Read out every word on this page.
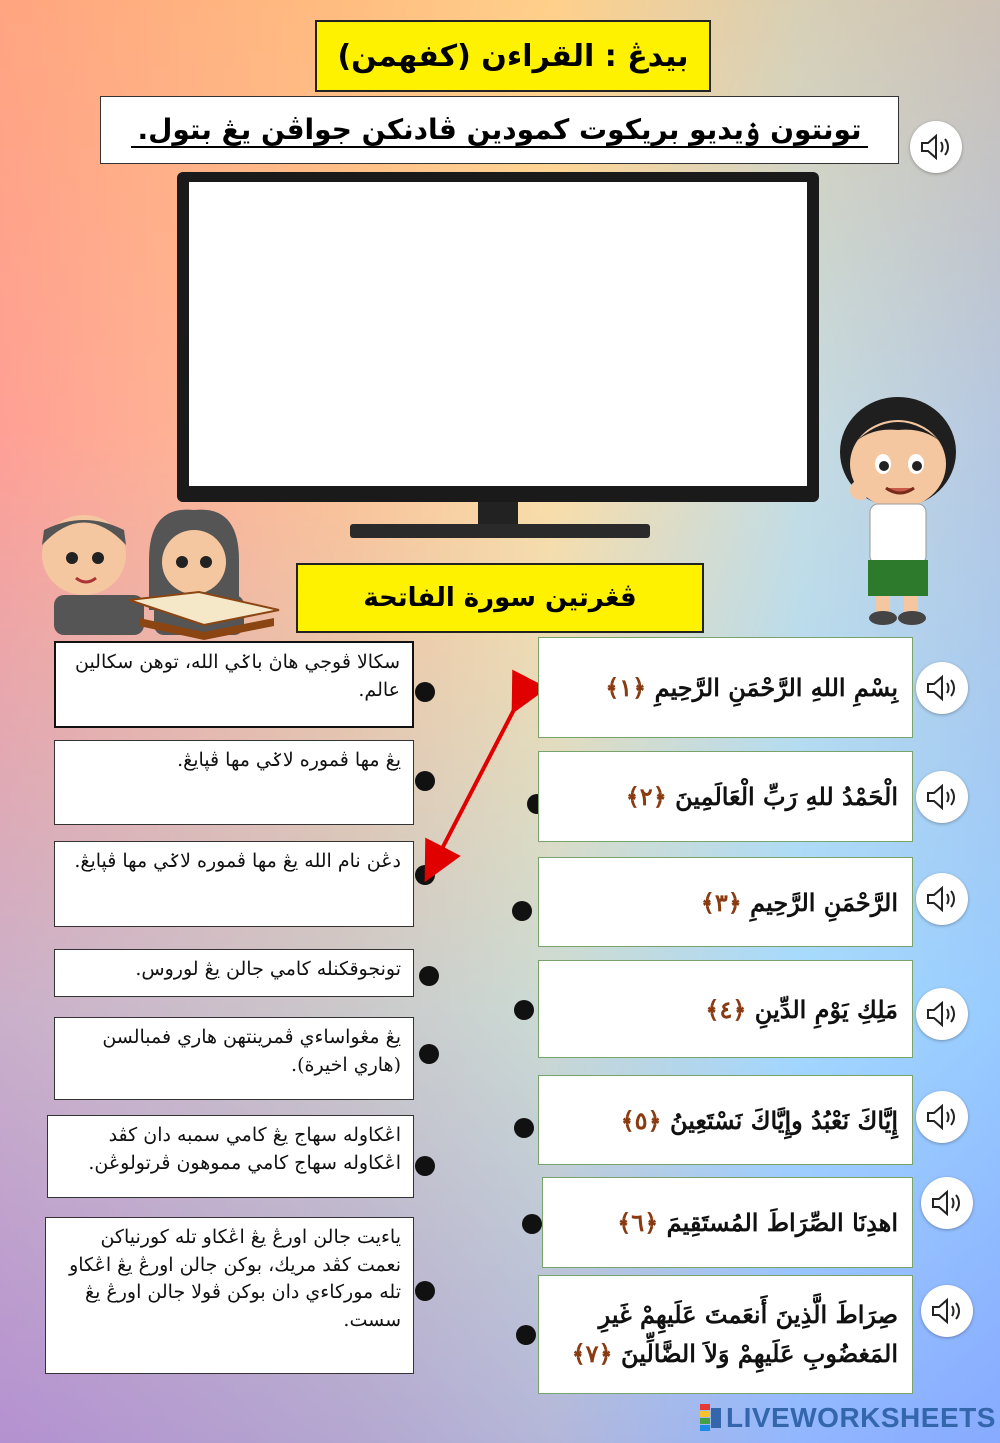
بيدڠ : القراءن (كفهمن)
تونتون ۏيديو بريكوت كمودين ڤادنكن جواڤن يڠ بتول.
ڤڠرتين سورة الفاتحة
سکالا ڤوجي هاڽ باݢي الله، توهن سکالين عالم.
يڠ مها ڤموره لاݢي مها ڤڽايڠ.
دڠن نام الله يڠ مها ڤموره لاݢي مها ڤڽايڠ.
تونجوقكنله كامي جالن يڠ لوروس.
يڠ مڠواساءي ڤمرينتهن هاري فمبالسن (هاري اخيرة).
اڠكاوله سهاج يڠ كامي سمبه دان كڤد اڠكاوله سهاج كامي مموهون ڤرتولوڠن.
ياءيت جالن اورڠ يڠ اڠكاو تله كورنياكن نعمت كڤد مريك، بوكن جالن اورڠ يڠ اڠكاو تله موركاءي دان بوكن ڤولا جالن اورڠ يڠ سست.
بِسْمِ اللهِ الرَّحْمَنِ الرَّحِيمِ

﴿١﴾
الْحَمْدُ للهِ رَبِّ الْعَالَمِينَ

﴿٢﴾
الرَّحْمَنِ الرَّحِيمِ

﴿٣﴾
مَلِكِ يَوْمِ الدِّينِ

﴿٤﴾
إِيَّاكَ نَعْبُدُ وإِيَّاكَ نَسْتَعِينُ

﴿٥﴾
اهدِنَا الصِّرَاطَ المُستَقِيمَ

﴿٦﴾
صِرَاطَ الَّذِينَ أَنعَمتَ عَلَيهِمْ غَيرِ المَغضُوبِ عَلَيهِمْ وَلاَ الضَّالِّينَ ﴿٧﴾
LIVEWORKSHEETS
